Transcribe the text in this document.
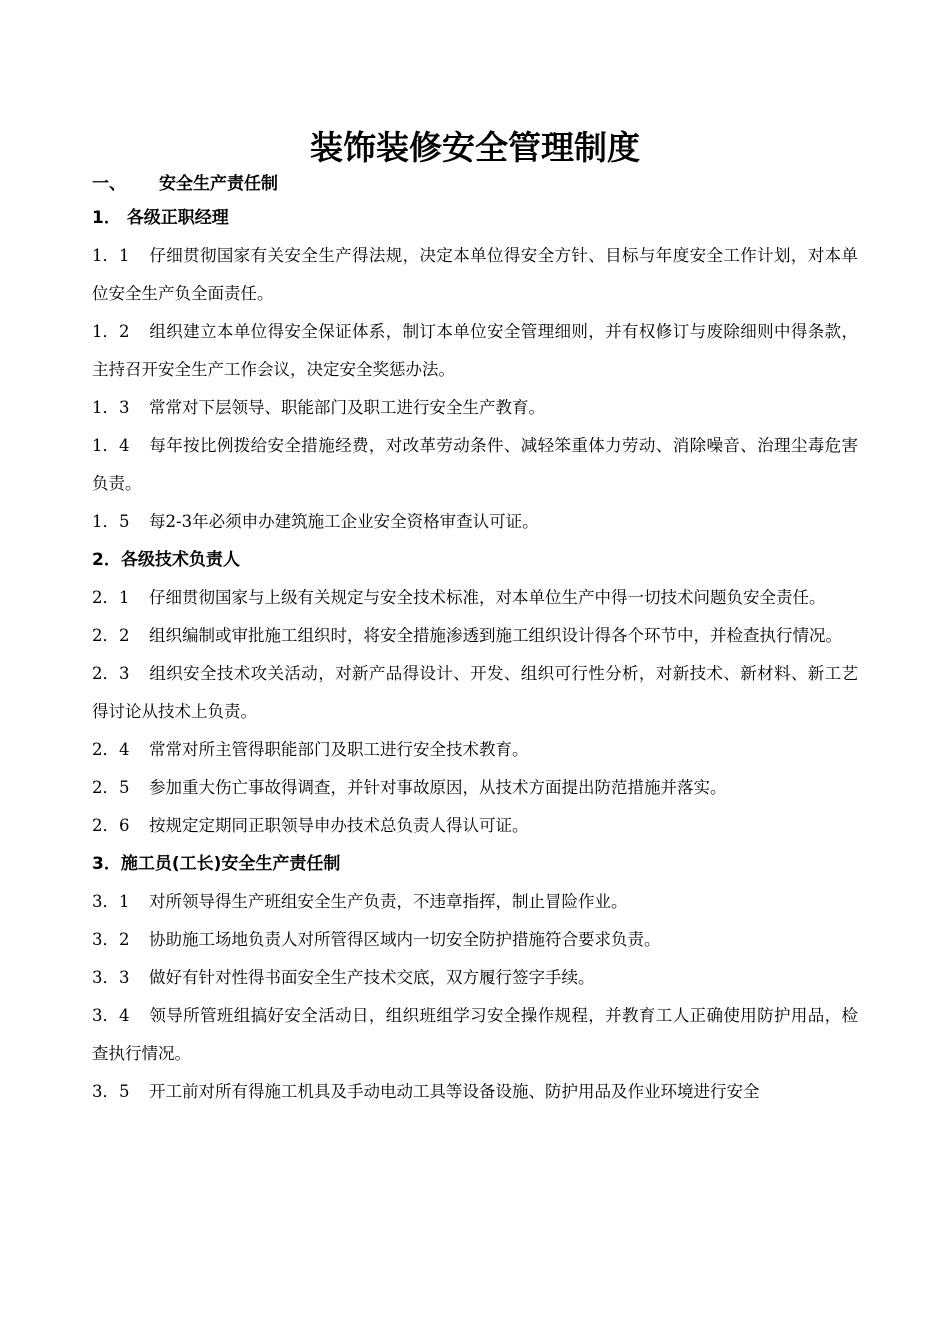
装饰装修安全管理制度
一、	安全生产责任制
1． 各级正职经理
1．1 仔细贯彻国家有关安全生产得法规，决定本单位得安全方针、目标与年度安全工作计划，对本单位安全生产负全面责任。
1．2 组织建立本单位得安全保证体系，制订本单位安全管理细则，并有权修订与废除细则中得条款，主持召开安全生产工作会议，决定安全奖惩办法。
1．3 常常对下层领导、职能部门及职工进行安全生产教育。
1．4 每年按比例拨给安全措施经费，对改革劳动条件、减轻笨重体力劳动、消除噪音、治理尘毒危害负责。
1．5 每2-3年必须申办建筑施工企业安全资格审查认可证。
2．各级技术负责人
2．1 仔细贯彻国家与上级有关规定与安全技术标准，对本单位生产中得一切技术问题负安全责任。
2．2 组织编制或审批施工组织时，将安全措施渗透到施工组织设计得各个环节中，并检查执行情况。
2．3 组织安全技术攻关活动，对新产品得设计、开发、组织可行性分析，对新技术、新材料、新工艺得讨论从技术上负责。
2．4 常常对所主管得职能部门及职工进行安全技术教育。
2．5 参加重大伤亡事故得调查，并针对事故原因，从技术方面提出防范措施并落实。
2．6 按规定定期同正职领导申办技术总负责人得认可证。
3．施工员(工长)安全生产责任制
3．1 对所领导得生产班组安全生产负责，不违章指挥，制止冒险作业。
3．2 协助施工场地负责人对所管得区域内一切安全防护措施符合要求负责。
3．3 做好有针对性得书面安全生产技术交底，双方履行签字手续。
3．4 领导所管班组搞好安全活动日，组织班组学习安全操作规程，并教育工人正确使用防护用品，检查执行情况。
3．5 开工前对所有得施工机具及手动电动工具等设备设施、防护用品及作业环境进行安全
